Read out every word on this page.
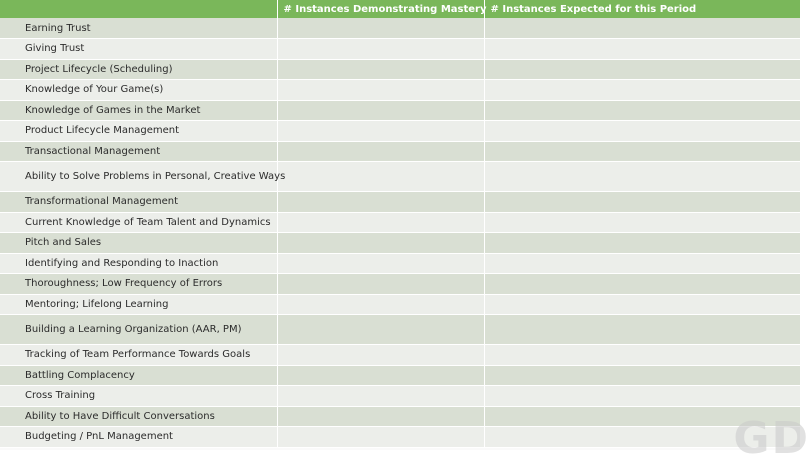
	# Instances Demonstrating Mastery	# Instances Expected for this Period
Earning Trust		
Giving Trust		
Project Lifecycle (Scheduling)		
Knowledge of Your Game(s)		
Knowledge of Games in the Market		
Product Lifecycle Management		
Transactional Management		
Ability to Solve Problems in Personal, Creative Ways		
Transformational Management		
Current Knowledge of Team Talent and Dynamics		
Pitch and Sales		
Identifying and Responding to Inaction		
Thoroughness; Low Frequency of Errors		
Mentoring; Lifelong Learning		
Building a Learning Organization (AAR, PM)		
Tracking of Team Performance Towards Goals		
Battling Complacency		
Cross Training		
Ability to Have Difficult Conversations		
Budgeting / PnL Management			GD
